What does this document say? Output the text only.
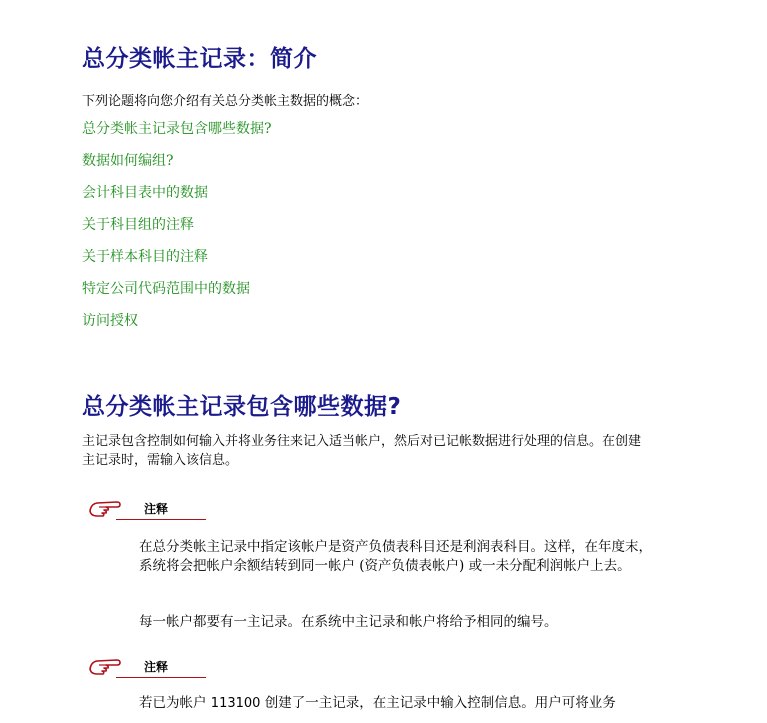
总分类帐主记录：简介
下列论题将向您介绍有关总分类帐主数据的概念：
总分类帐主记录包含哪些数据?
数据如何编组?
会计科目表中的数据
关于科目组的注释
关于样本科目的注释
特定公司代码范围中的数据
访问授权
总分类帐主记录包含哪些数据?

主记录包含控制如何输入并将业务往来记入适当帐户，然后对已记帐数据进行处理的信息。在创建主记录时，需输入该信息。

注释

在总分类帐主记录中指定该帐户是资产负债表科目还是利润表科目。这样，在年度末，系统将会把帐户余额结转到同一帐户 (资产负债表帐户) 或一未分配利润帐户上去。

每一帐户都要有一主记录。在系统中主记录和帐户将给予相同的编号。

注释

若已为帐户 113100 创建了一主记录，在主记录中输入控制信息。用户可将业务
